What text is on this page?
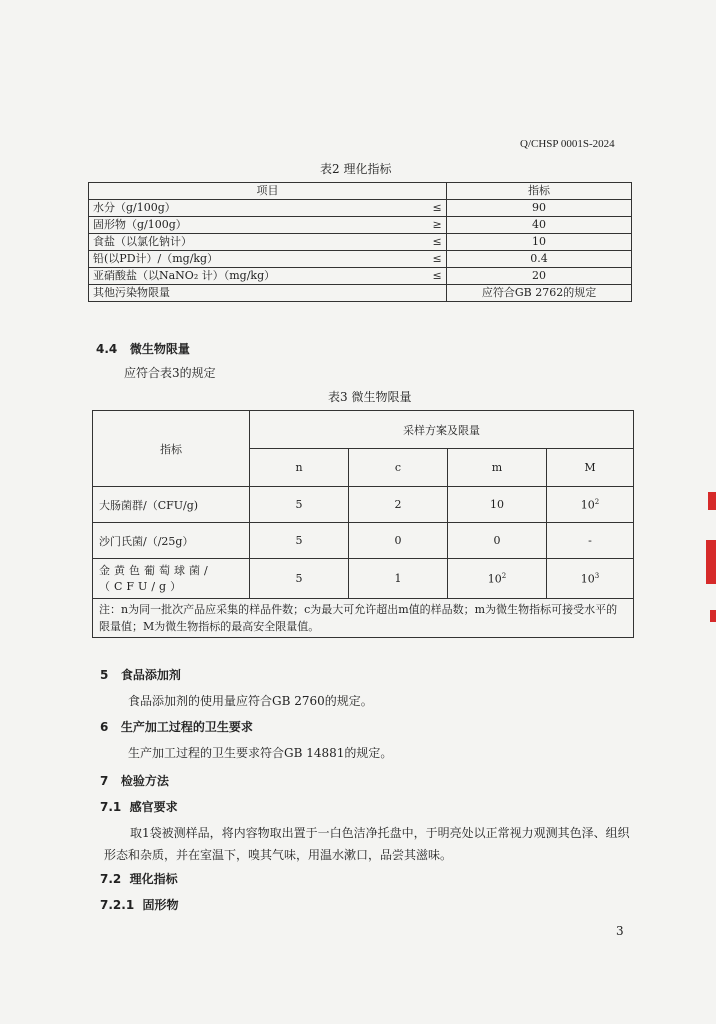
Q/CHSP 0001S-2024
表2 理化指标
项目		指标
水分（g/100g）	≤	90
固形物（g/100g）	≥	40
食盐（以氯化钠计）	≤	10
铅(以PD计）/（mg/kg）	≤	0.4
亚硝酸盐（以NaNO₂ 计）（mg/kg）	≤	20
其他污染物限量		应符合GB 2762的规定
4.4 微生物限量
应符合表3的规定
表3 微生物限量
指标	采样方案及限量			
	n	c	m	M
大肠菌群/（CFU/g)	5	2	10	$10^2$
沙门氏菌/（/25g）	5	0	0	-
金黄色葡萄球菌/（CFU/g）	5	1	$10^2$	$10^3$
注：n为同一批次产品应采集的样品件数；c为最大可允许超出m值的样品数；m为微生物指标可接受水平的限量值；M为微生物指标的最高安全限量值。				
5 食品添加剂
食品添加剂的使用量应符合GB 2760的规定。
6 生产加工过程的卫生要求
生产加工过程的卫生要求符合GB 14881的规定。
7 检验方法
7.1 感官要求
取1袋被测样品，将内容物取出置于一白色洁净托盘中，于明亮处以正常视力观测其色泽、组织形态和杂质，并在室温下，嗅其气味，用温水漱口，品尝其滋味。
7.2 理化指标
7.2.1 固形物
3
